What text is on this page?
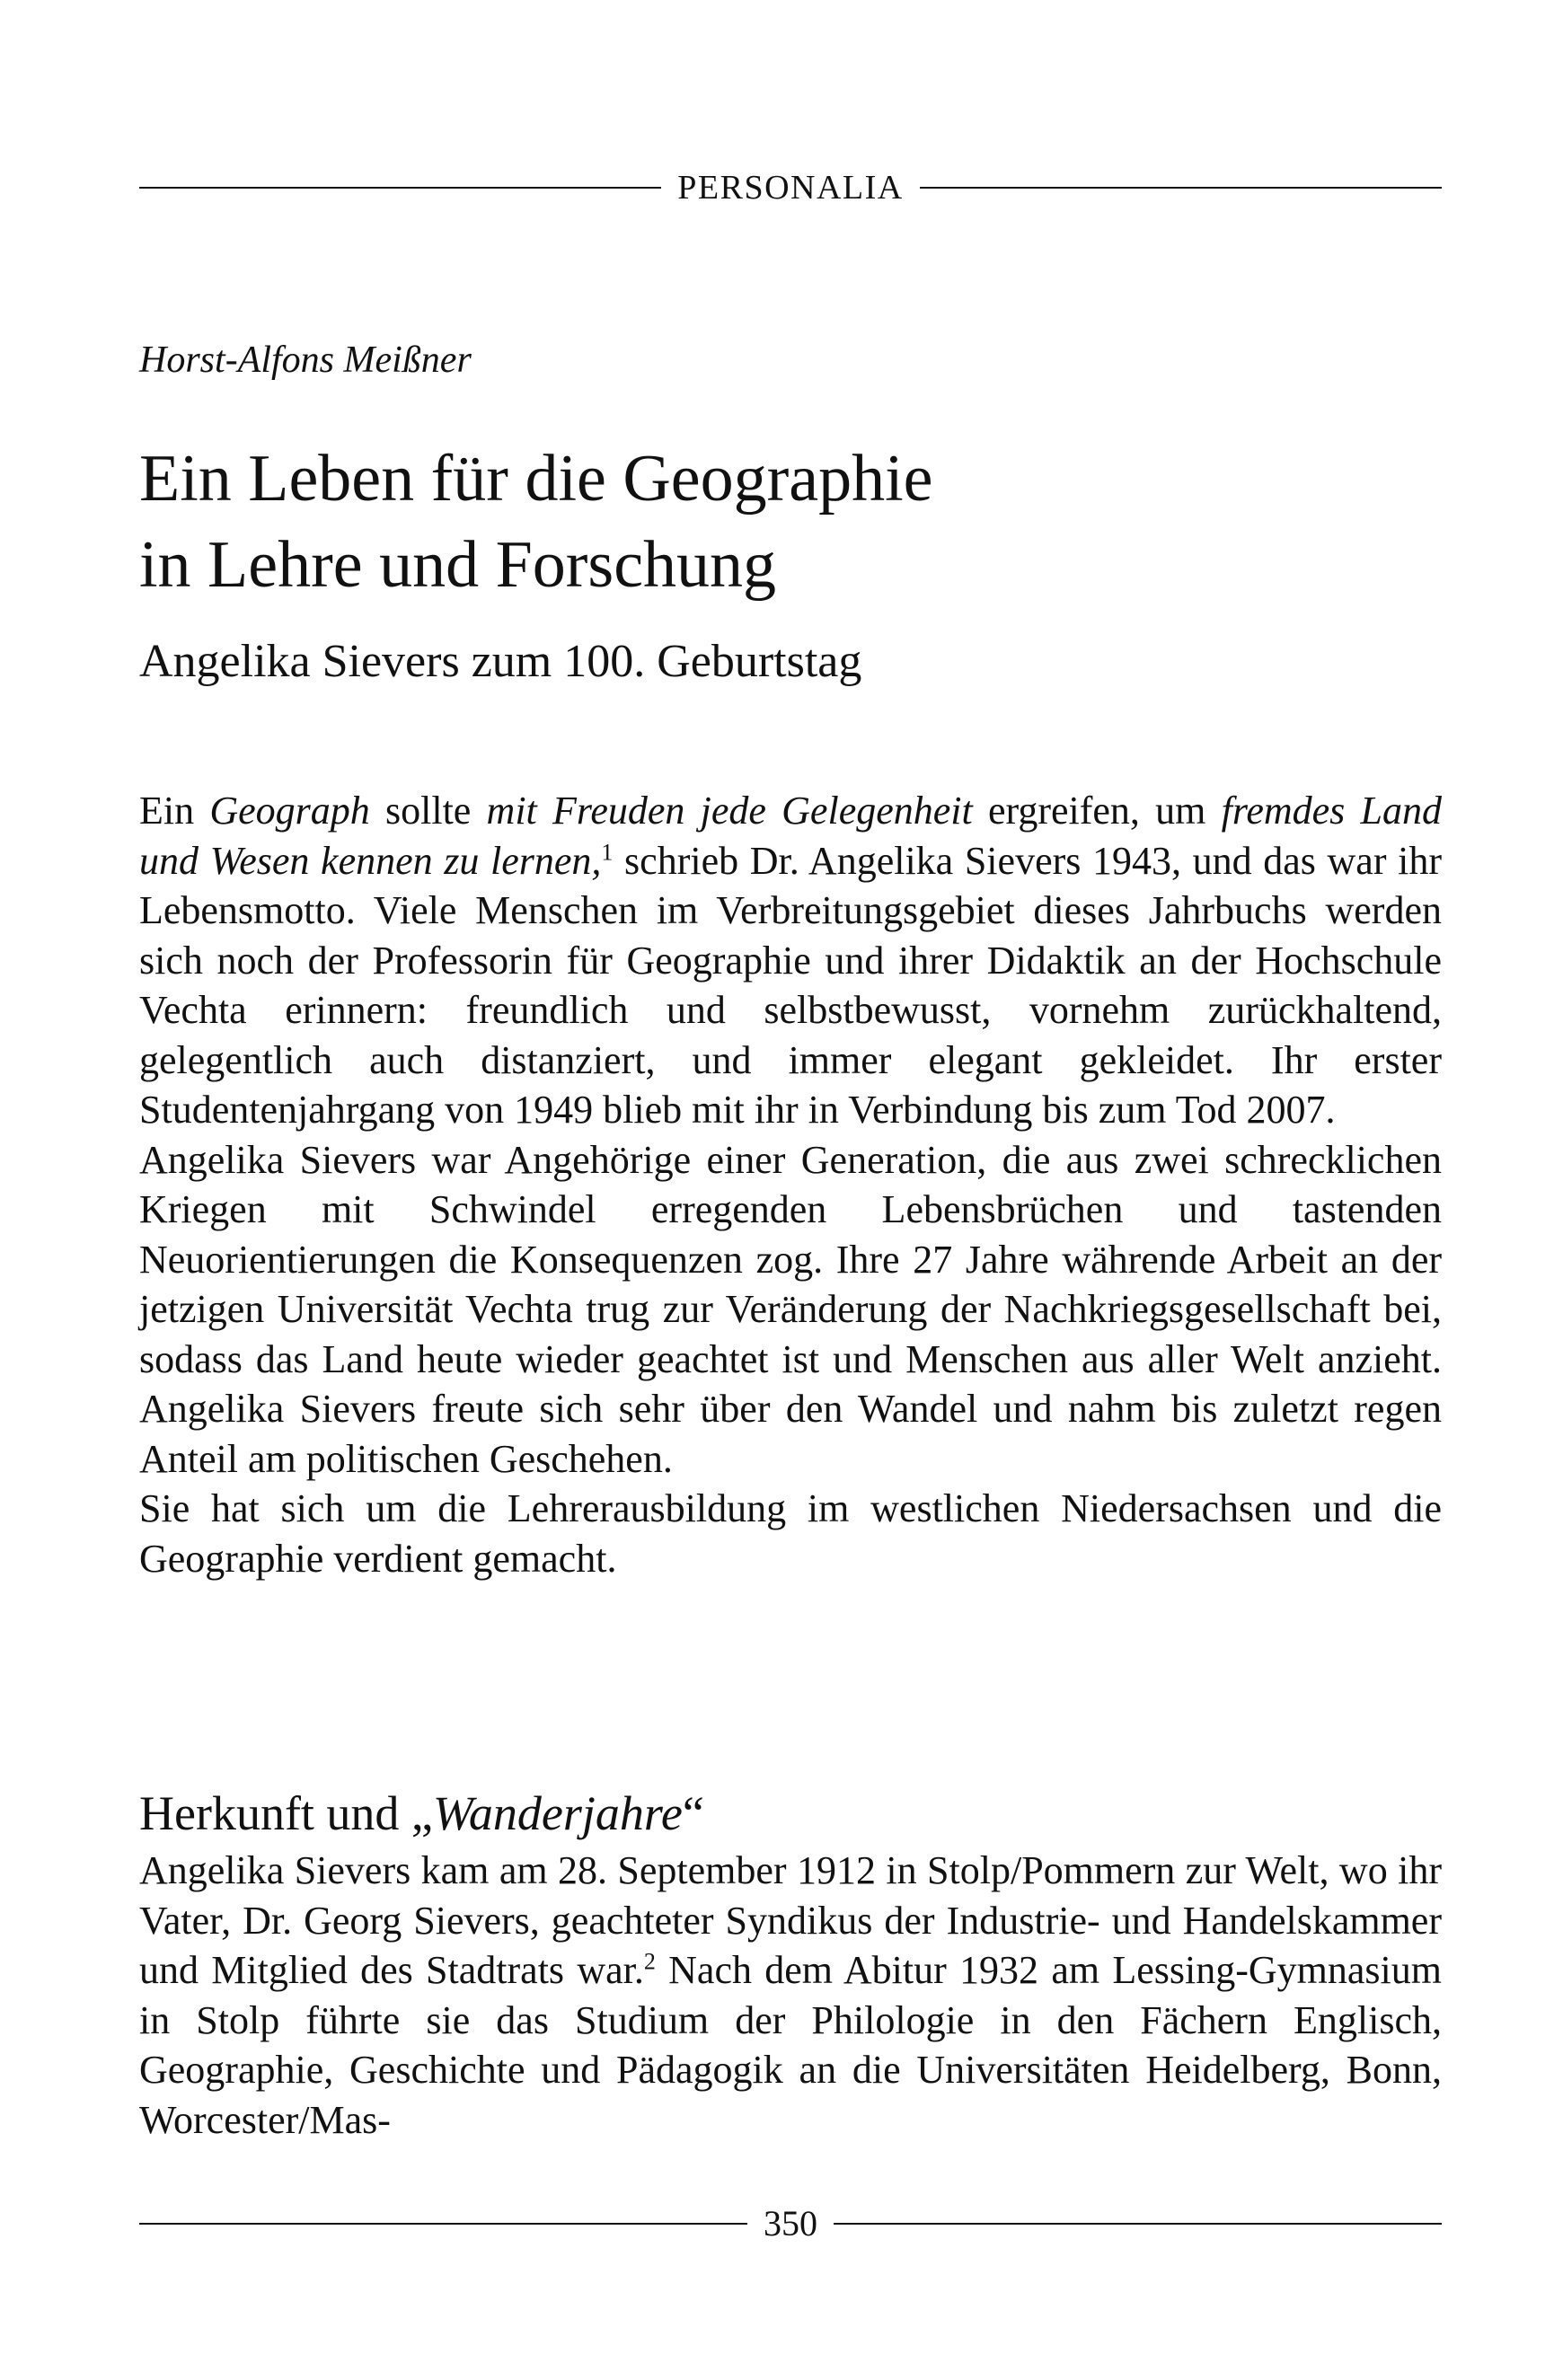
PERSONALIA
Horst-Alfons Meißner
Ein Leben für die Geographie
in Lehre und Forschung
Angelika Sievers zum 100. Geburtstag

Ein Geograph sollte mit Freuden jede Gelegenheit ergreifen, um fremdes Land und Wesen kennen zu lernen,$^1$ schrieb Dr. Angelika Sievers 1943, und das war ihr Lebensmotto. Viele Menschen im Verbreitungsgebiet dieses Jahrbuchs werden sich noch der Professorin für Geographie und ihrer Didaktik an der Hochschule Vechta erinnern: freundlich und selbstbewusst, vornehm zurückhaltend, gelegentlich auch distanziert, und immer elegant gekleidet. Ihr erster Studentenjahrgang von 1949 blieb mit ihr in Verbindung bis zum Tod 2007.

Angelika Sievers war Angehörige einer Generation, die aus zwei schrecklichen Kriegen mit Schwindel erregenden Lebensbrüchen und tastenden Neuorientierungen die Konsequenzen zog. Ihre 27 Jahre währende Arbeit an der jetzigen Universität Vechta trug zur Veränderung der Nachkriegsgesellschaft bei, sodass das Land heute wieder geachtet ist und Menschen aus aller Welt anzieht. Angelika Sievers freute sich sehr über den Wandel und nahm bis zuletzt regen Anteil am politischen Geschehen.

Sie hat sich um die Lehrerausbildung im westlichen Niedersachsen und die Geographie verdient gemacht.

Herkunft und „Wanderjahre“

Angelika Sievers kam am 28. September 1912 in Stolp/Pommern zur Welt, wo ihr Vater, Dr. Georg Sievers, geachteter Syndikus der Industrie- und Handelskammer und Mitglied des Stadtrats war.$^2$ Nach dem Abitur 1932 am Lessing-Gymnasium in Stolp führte sie das Studium der Philologie in den Fächern Englisch, Geographie, Geschichte und Pädagogik an die Universitäten Heidelberg, Bonn, Worcester/Mas-

350
